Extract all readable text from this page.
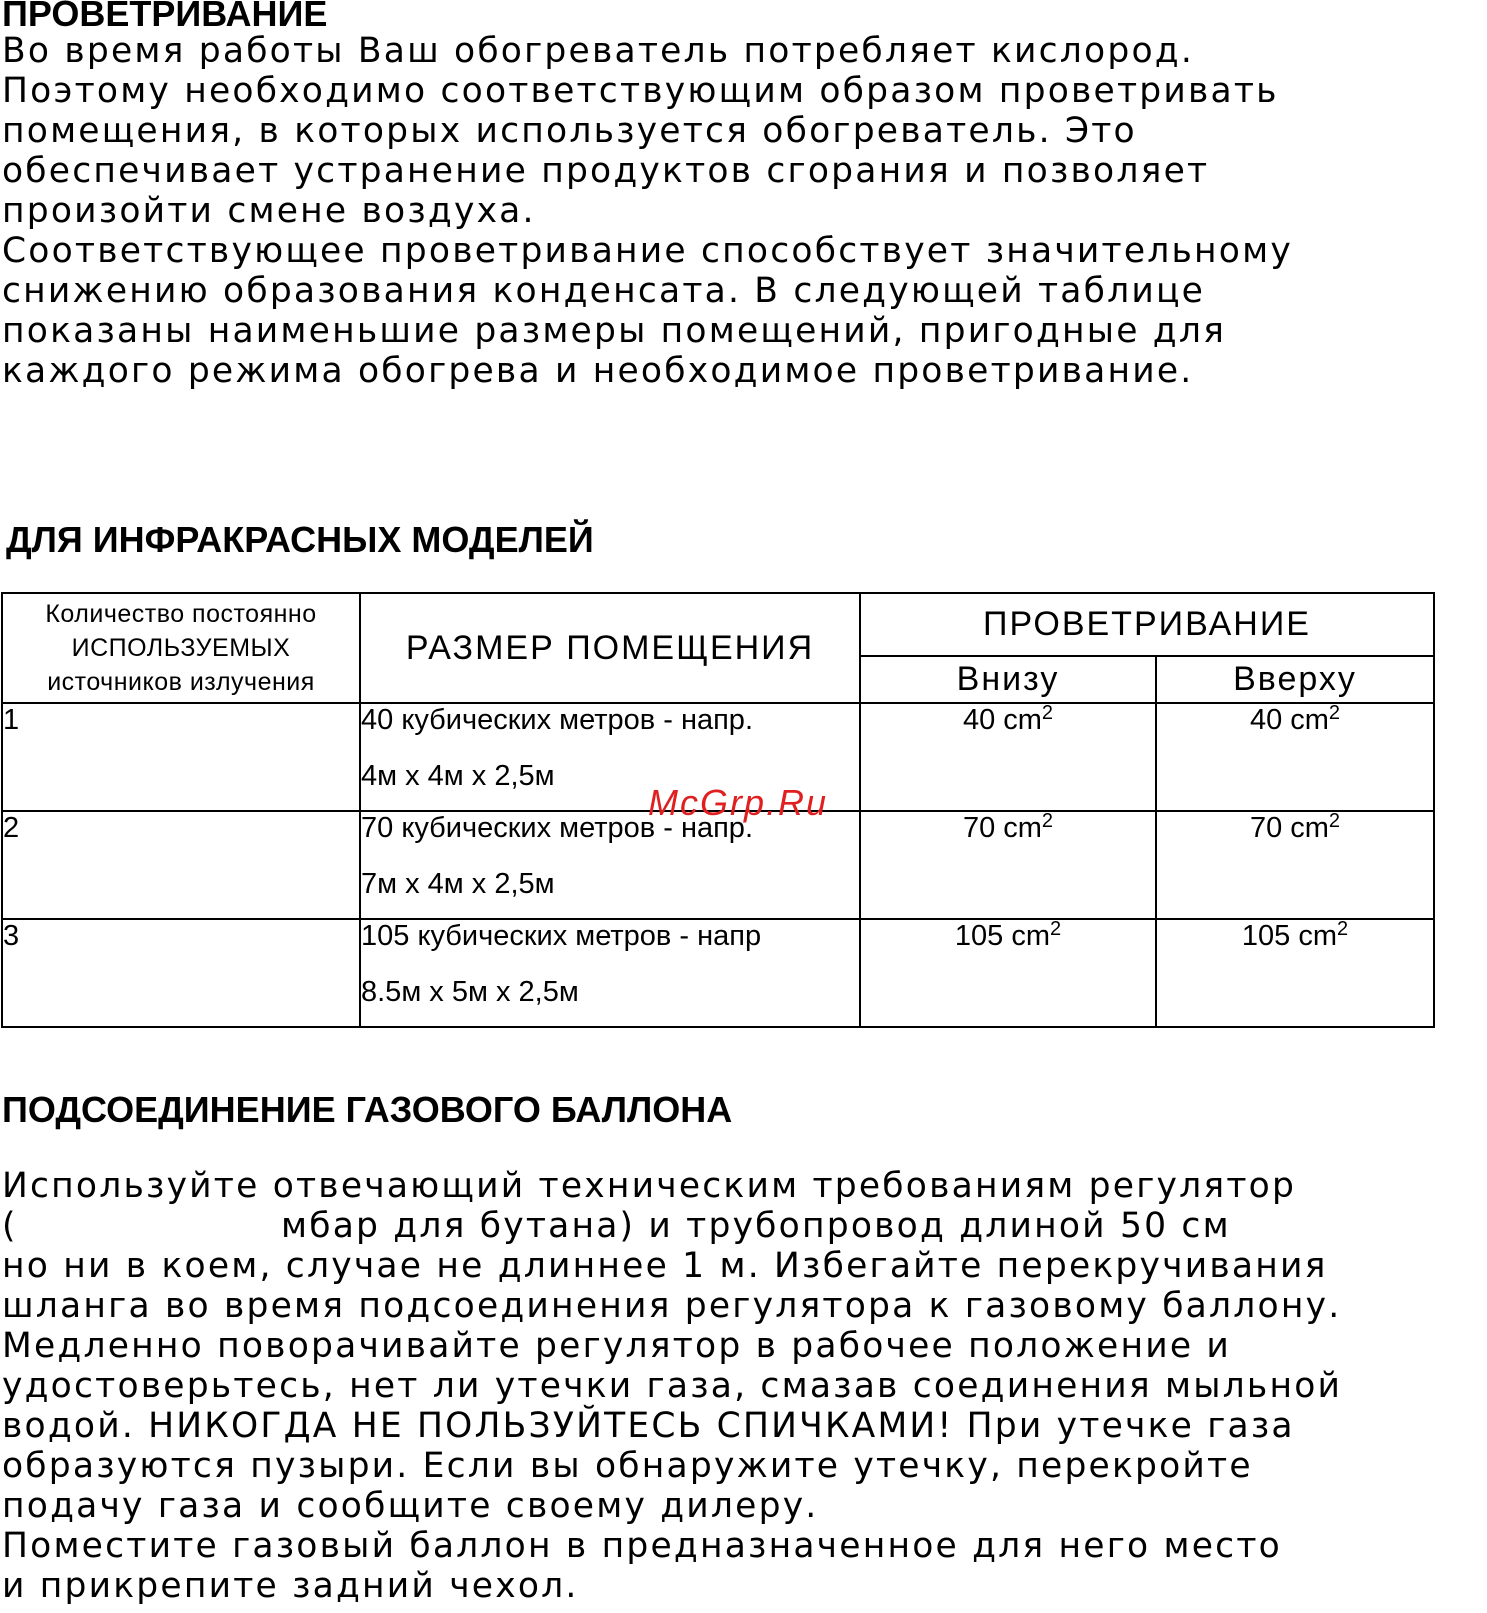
ПРОВЕТРИВАНИЕ
Во время работы Ваш обогреватель потребляет кислород.
Поэтому необходимо соответствующим образом проветривать
помещения, в которых используется обогреватель. Это
обеспечивает устранение продуктов сгорания и позволяет
произойти смене воздуха.
Соответствующее проветривание способствует значительному
снижению образования конденсата. В следующей таблице
показаны наименьшие размеры помещений, пригодные для
каждого режима обогрева и необходимое проветривание.
ДЛЯ ИНФРАКРАСНЫХ МОДЕЛЕЙ
Количество постоянно
ИСПОЛЬЗУЕМЫХ
источников излучения	РАЗМЕР ПОМЕЩЕНИЯ	ПРОВЕТРИВАНИЕ	
		Внизу	Вверху
1	40 кубических метров - напр.
4м x 4м x 2,5м	40 $cm^2$	40 $cm^2$
2	70 кубических метров - напр.
7м x 4м x 2,5м	70 $cm^2$	70 $cm^2$
3	105 кубических метров - напр
8.5м x 5м x 2,5м	105 $cm^2$	105 $cm^2$
McGrp.Ru
ПОДСОЕДИНЕНИЕ ГАЗОВОГО БАЛЛОНА
Используйте отвечающий техническим требованиям регулятор
(                    мбар для бутана) и трубопровод длиной 50 см
но ни в коем, случае не длиннее 1 м. Избегайте перекручивания
шланга во время подсоединения регулятора к газовому баллону.
Медленно поворачивайте регулятор в рабочее положение и
удостоверьтесь, нет ли утечки газа, смазав соединения мыльной
водой. НИКОГДА НЕ ПОЛЬЗУЙТЕСЬ СПИЧКАМИ! При утечке газа
образуются пузыри. Если вы обнаружите утечку, перекройте
подачу газа и сообщите своему дилеру.
Поместите газовый баллон в предназначенное для него место
и прикрепите задний чехол.
